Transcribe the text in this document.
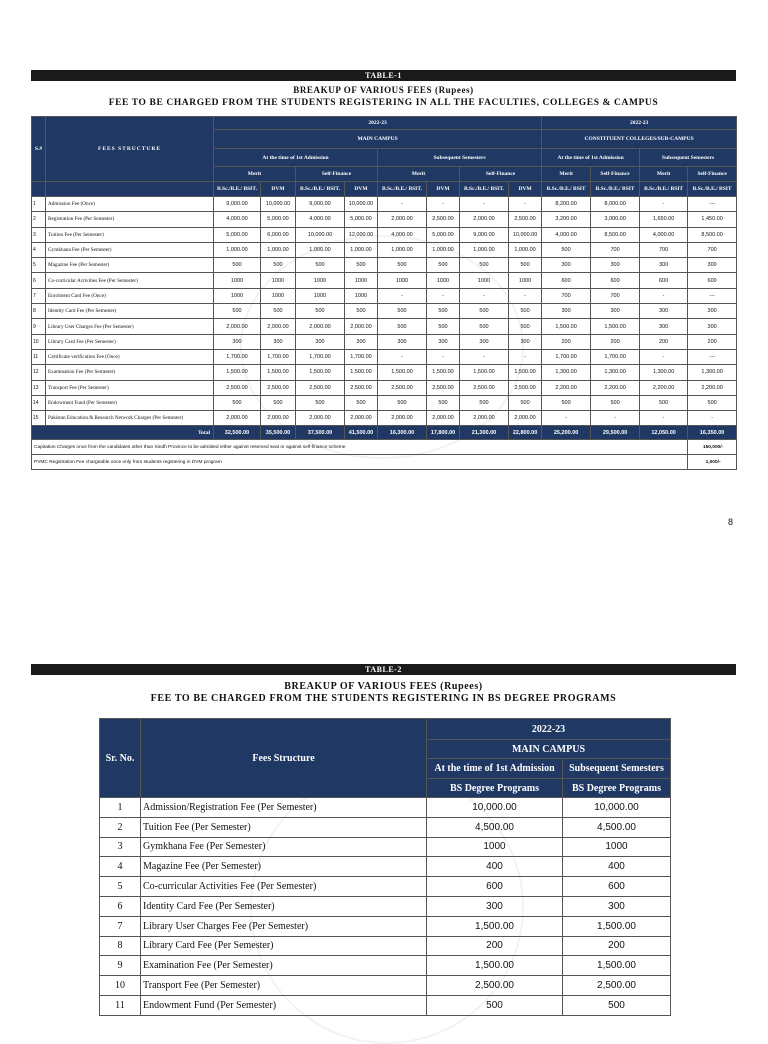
TABLE-1
BREAKUP OF VARIOUS FEES (Rupees)
FEE TO BE CHARGED FROM THE STUDENTS REGISTERING IN ALL THE FACULTIES, COLLEGES & CAMPUS
S.#	FEES STRUCTURE	2022-23								2022-23			
		MAIN CAMPUS								CONSTITUENT COLLEGES/SUB-CAMPUS			
		At the time of 1st Admission				Subsequent Semesters				At the time of 1st Admission		Subsequent Semesters	
		Merit		Self-Finance		Merit		Self-Finance		Merit	Self-Finance	Merit	Self-Finance
		B.Sc./B.E./ BSIT.	DVM	B.Sc./B.E./ BSIT.	DVM	B.Sc./B.E./ BSIT.	DVM	B.Sc./B.E./ BSIT.	DVM	B.Sc./B.E./ BSIT	B.Sc./B.E./ BSIT	B.Sc./B.E./ BSIT	B.Sc./B.E./ BSIT
1	Admission Fee (Once)	9,000.00	10,000.00	9,000.00	10,000.00	-	-	-	-	8,200.00	8,000.00	-	---
2	Registration Fee (Per Semester)	4,000.00	5,000.00	4,000.00	5,000.00	2,000.00	2,500.00	2,000.00	2,500.00	3,200.00	3,000.00	1,650.00	1,450.00
3	Tuition Fee (Per Semester)	5,000.00	6,000.00	10,000.00	12,000.00	4,000.00	5,000.00	9,000.00	10,000.00	4,000.00	8,500.00	4,000.00	8,500.00
4	Gymkhana Fee (Per Semester)	1,000.00	1,000.00	1,000.00	1,000.00	1,000.00	1,000.00	1,000.00	1,000.00	500	700	700	700
5	Magazine Fee (Per Semester)	500	500	500	500	500	500	500	500	300	300	300	300
6	Co-curricular Activities Fee (Per Semester)	1000	1000	1000	1000	1000	1000	1000	1000	600	600	600	600
7	Enrolment Card Fee (Once)	1000	1000	1000	1000	-	-	-	-	700	700	-	---
8	Identity Card Fee (Per Semester)	500	500	500	500	500	500	500	500	300	300	300	300
9	Library User Charges Fee (Per Semester)	2,000.00	2,000.00	2,000.00	2,000.00	500	500	500	500	1,500.00	1,500.00	300	300
10	Library Card Fee (Per Semester)	300	300	300	300	300	300	300	300	200	200	200	200
11	Certificate verification Fee (Once)	1,700.00	1,700.00	1,700.00	1,700.00	-	-	-	-	1,700.00	1,700.00	-	---
12	Examination Fee (Per Semester)	1,500.00	1,500.00	1,500.00	1,500.00	1,500.00	1,500.00	1,500.00	1,500.00	1,300.00	1,300.00	1,300.00	1,300.00
13	Transport Fee (Per Semester)	2,500.00	2,500.00	2,500.00	2,500.00	2,500.00	2,500.00	2,500.00	2,500.00	2,200.00	2,200.00	2,200.00	2,200.00
14	Endowment Fund (Per Semester)	500	500	500	500	500	500	500	500	500	500	500	500
15	Pakistan Education & Research Network Charges (Per Semester)	2,000.00	2,000.00	2,000.00	2,000.00	2,000.00	2,000.00	2,000.00	2,000.00	-	-	-	-
Total		32,500.00	35,500.00	37,500.00	41,500.00	16,300.00	17,800.00	21,300.00	22,800.00	25,200.00	29,500.00	12,050.00	16,350.00
Capitation Charges once from the candidates other than Sindh Province to be admitted either against reserved seat or against self-finance scheme													150,000/-
PVMC Registration Fee chargeable once only from students registering in DVM program													1,000/-
8
TABLE-2
BREAKUP OF VARIOUS FEES (Rupees)
FEE TO BE CHARGED FROM THE STUDENTS REGISTERING IN BS DEGREE PROGRAMS
Sr. No.	Fees Structure	2022-23	
		MAIN CAMPUS	
		At the time of 1st Admission	Subsequent Semesters
		BS Degree Programs	BS Degree Programs
1	Admission/Registration Fee (Per Semester)	10,000.00	10,000.00
2	Tuition Fee (Per Semester)	4,500.00	4,500.00
3	Gymkhana Fee (Per Semester)	1000	1000
4	Magazine Fee (Per Semester)	400	400
5	Co-curricular Activities Fee (Per Semester)	600	600
6	Identity Card Fee (Per Semester)	300	300
7	Library User Charges Fee (Per Semester)	1,500.00	1,500.00
8	Library Card Fee (Per Semester)	200	200
9	Examination Fee (Per Semester)	1,500.00	1,500.00
10	Transport Fee (Per Semester)	2,500.00	2,500.00
11	Endowment Fund (Per Semester)	500	500
